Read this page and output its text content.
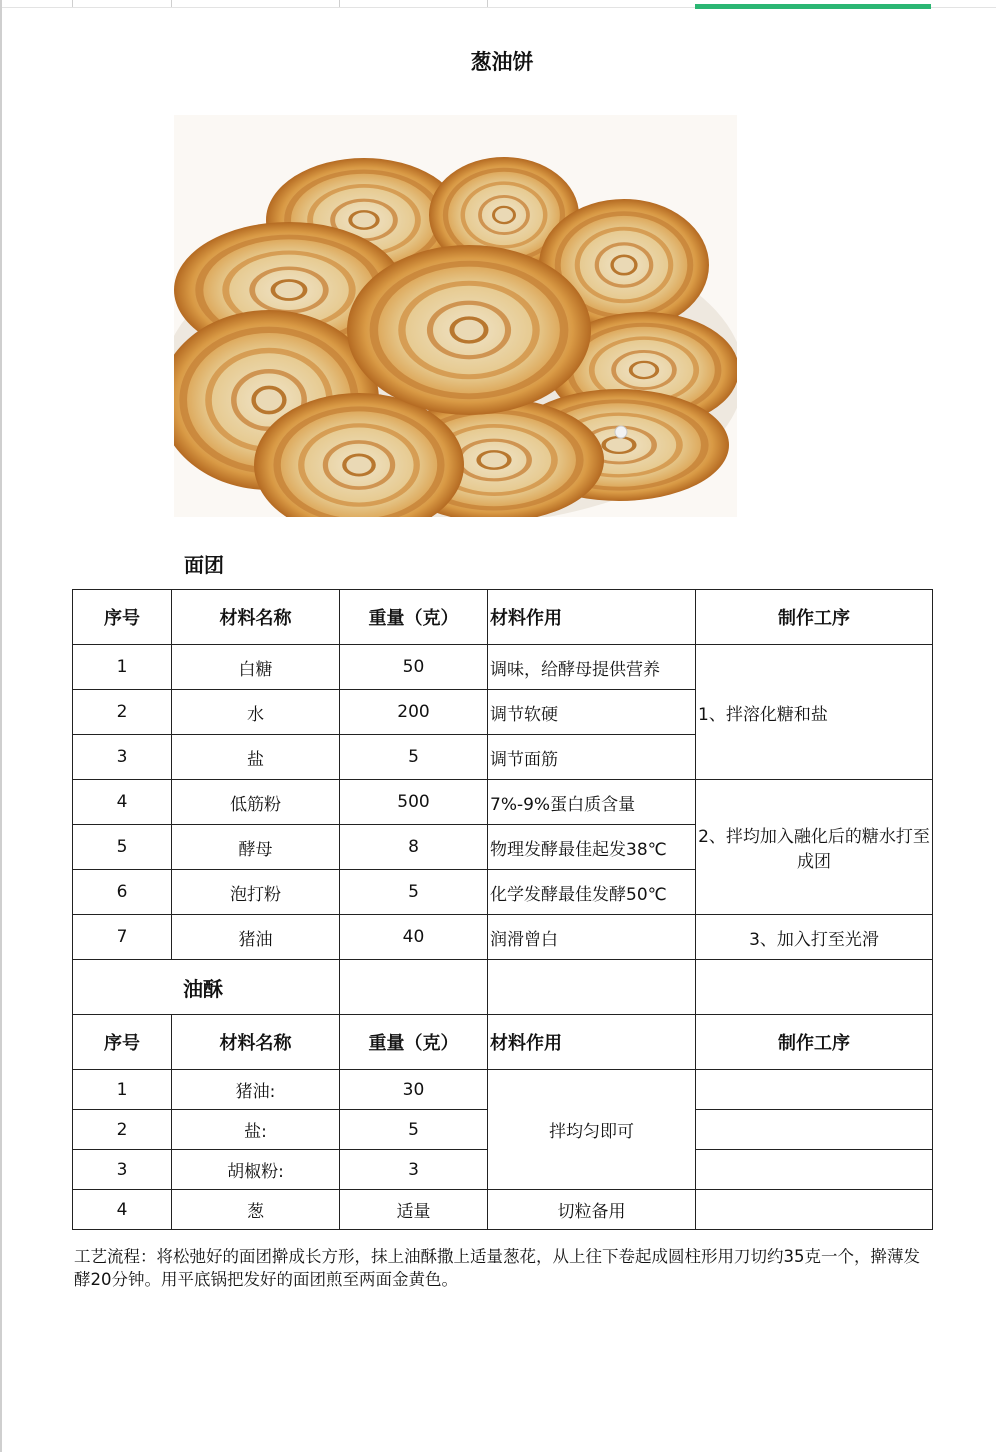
葱油饼
面团
序号	材料名称	重量（克）	材料作用	制作工序
1	白糖	50	调味，给酵母提供营养	1、拌溶化糖和盐
2	水	200	调节软硬	
3	盐	5	调节面筋	
4	低筋粉	500	7%-9%蛋白质含量	2、拌均加入融化后的糖水打至成团
5	酵母	8	物理发酵最佳起发38℃	
6	泡打粉	5	化学发酵最佳发酵50℃	
7	猪油	40	润滑曾白	3、加入打至光滑
油酥				
序号	材料名称	重量（克）	材料作用	制作工序
1	猪油:	30	拌均匀即可	
2	盐:	5		
3	胡椒粉:	3		
4	葱	适量	切粒备用	
工艺流程：将松弛好的面团擀成长方形，抹上油酥撒上适量葱花，从上往下卷起成圆柱形用刀切约35克一个，擀薄发酵20分钟。用平底锅把发好的面团煎至两面金黄色。
